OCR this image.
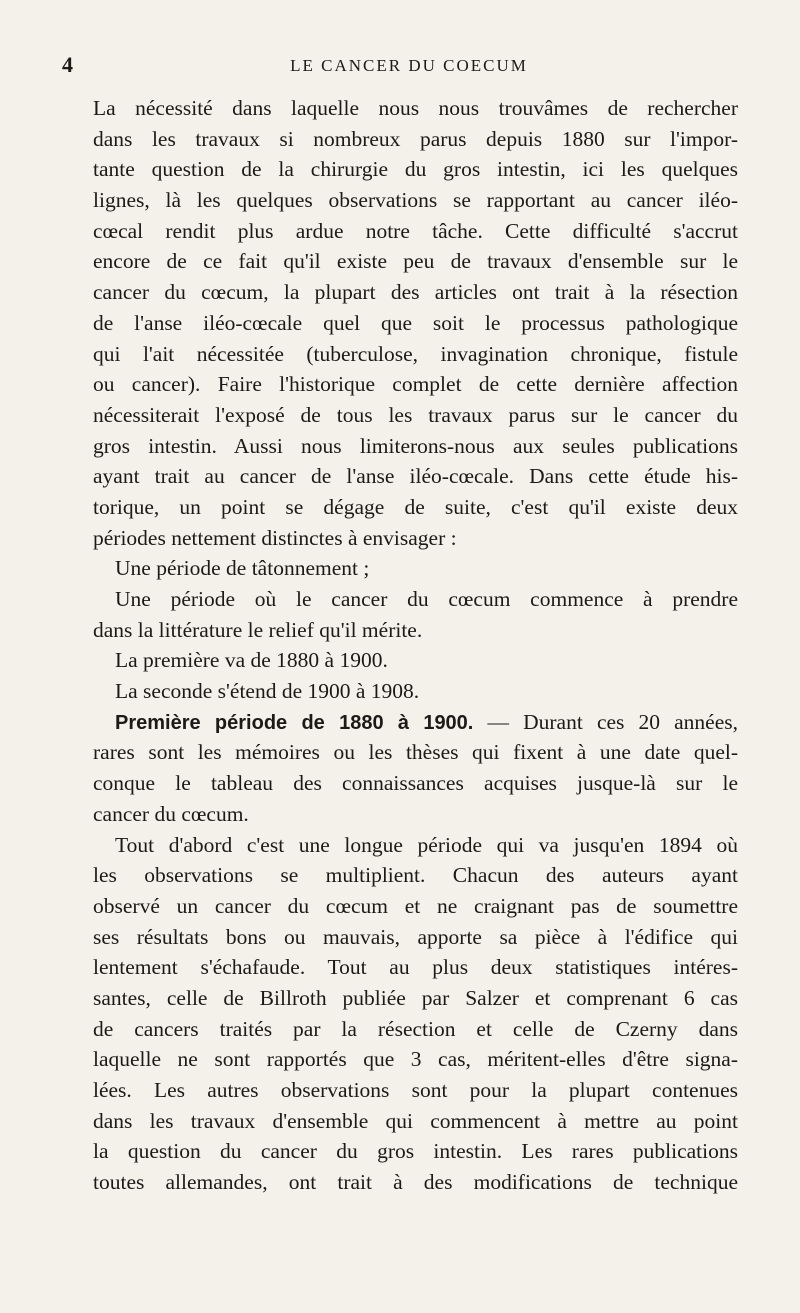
4	LE CANCER DU COECUM
La nécessité dans laquelle nous nous trouvâmes de rechercher
dans les travaux si nombreux parus depuis 1880 sur l'impor-
tante question de la chirurgie du gros intestin, ici les quelques
lignes, là les quelques observations se rapportant au cancer iléo-
cœcal rendit plus ardue notre tâche. Cette difficulté s'accrut
encore de ce fait qu'il existe peu de travaux d'ensemble sur le
cancer du cœcum, la plupart des articles ont trait à la résection
de l'anse iléo-cœcale quel que soit le processus pathologique
qui l'ait nécessitée (tuberculose, invagination chronique, fistule
ou cancer). Faire l'historique complet de cette dernière affection
nécessiterait l'exposé de tous les travaux parus sur le cancer du
gros intestin. Aussi nous limiterons-nous aux seules publications
ayant trait au cancer de l'anse iléo-cœcale. Dans cette étude his-
torique, un point se dégage de suite, c'est qu'il existe deux
périodes nettement distinctes à envisager :
Une période de tâtonnement ;
Une période où le cancer du cœcum commence à prendre
dans la littérature le relief qu'il mérite.
La première va de 1880 à 1900.
La seconde s'étend de 1900 à 1908.
Première période de 1880 à 1900. — Durant ces 20 années,
rares sont les mémoires ou les thèses qui fixent à une date quel-
conque le tableau des connaissances acquises jusque-là sur le
cancer du cœcum.
Tout d'abord c'est une longue période qui va jusqu'en 1894 où
les observations se multiplient. Chacun des auteurs ayant
observé un cancer du cœcum et ne craignant pas de soumettre
ses résultats bons ou mauvais, apporte sa pièce à l'édifice qui
lentement s'échafaude. Tout au plus deux statistiques intéres-
santes, celle de Billroth publiée par Salzer et comprenant 6 cas
de cancers traités par la résection et celle de Czerny dans
laquelle ne sont rapportés que 3 cas, méritent-elles d'être signa-
lées. Les autres observations sont pour la plupart contenues
dans les travaux d'ensemble qui commencent à mettre au point
la question du cancer du gros intestin. Les rares publications
toutes allemandes, ont trait à des modifications de technique
